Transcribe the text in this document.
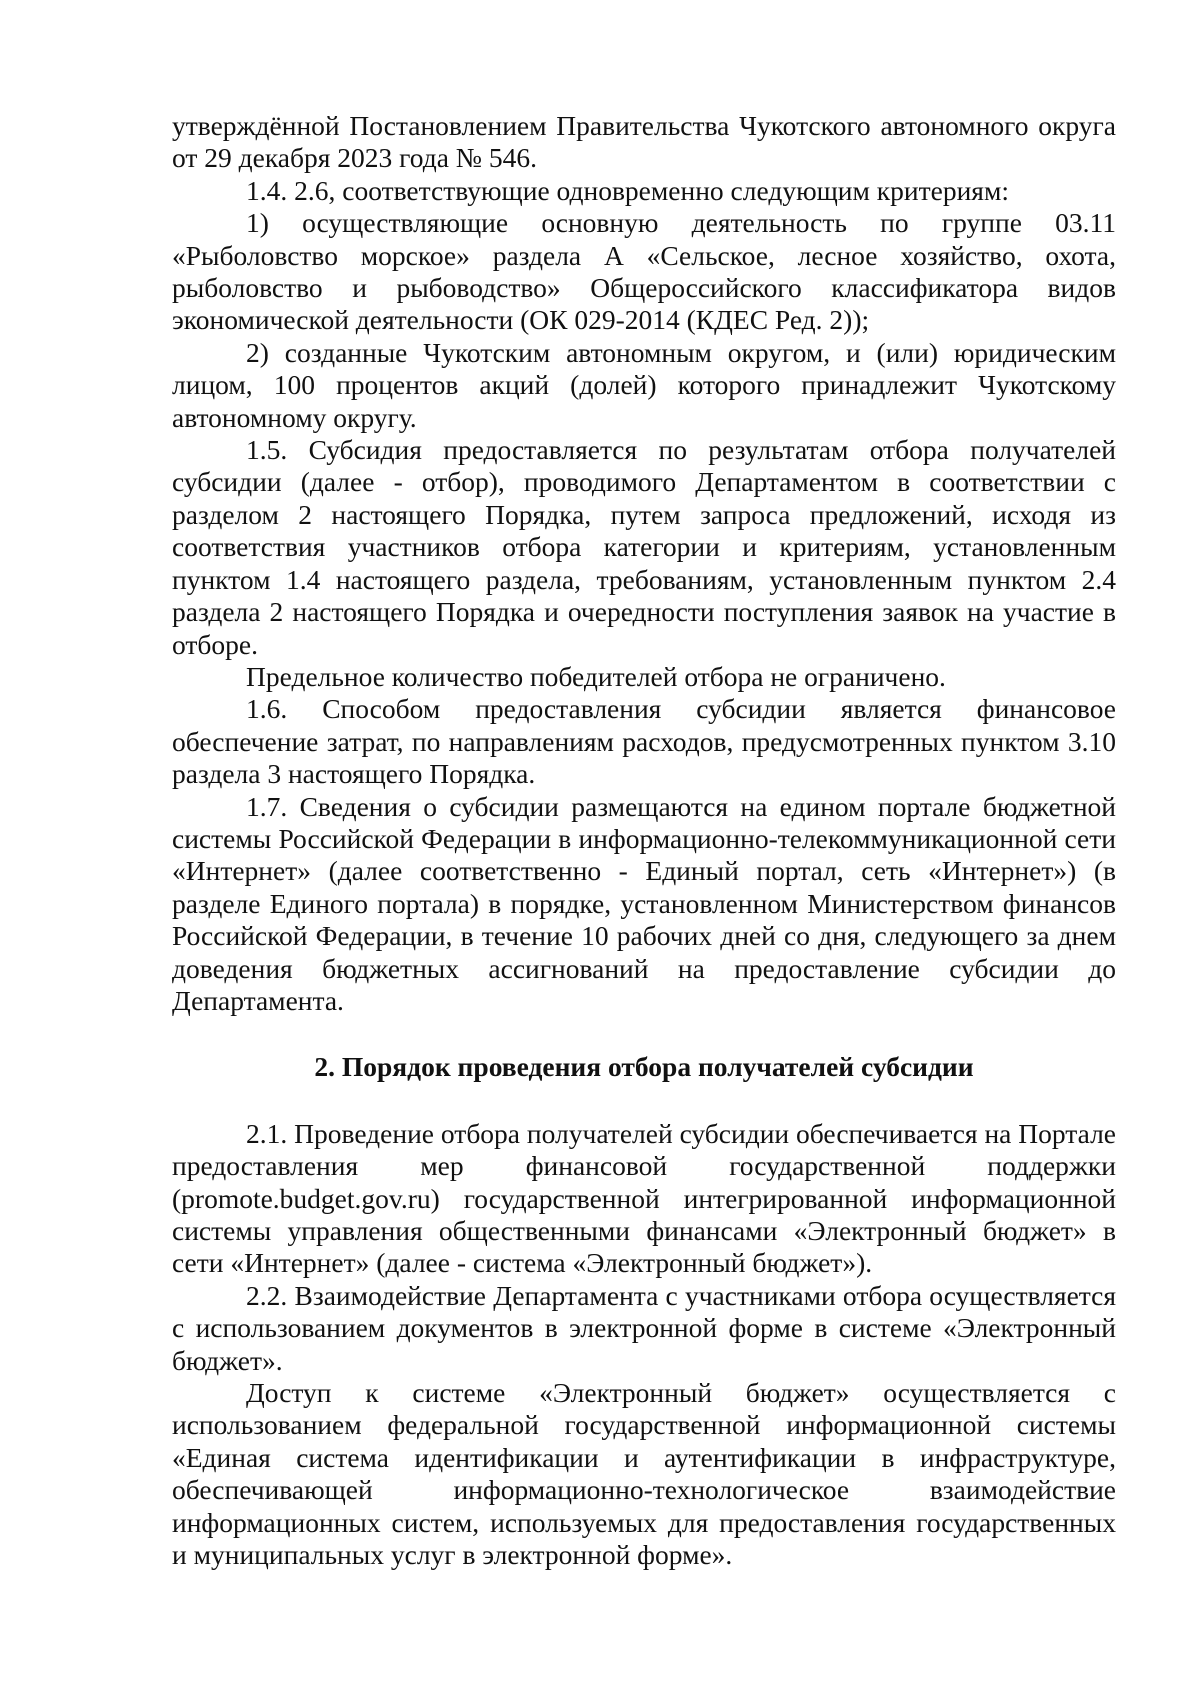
утверждённой Постановлением Правительства Чукотского автономного округа от 29 декабря 2023 года № 546.

1.4. 2.6, соответствующие одновременно следующим критериям:

1) осуществляющие основную деятельность по группе 03.11 «Рыболовство морское» раздела А «Сельское, лесное хозяйство, охота, рыболовство и рыбоводство» Общероссийского классификатора видов экономической деятельности (ОК 029-2014 (КДЕС Ред. 2));

2) созданные Чукотским автономным округом, и (или) юридическим лицом, 100 процентов акций (долей) которого принадлежит Чукотскому автономному округу.

1.5. Субсидия предоставляется по результатам отбора получателей субсидии (далее - отбор), проводимого Департаментом в соответствии с разделом 2 настоящего Порядка, путем запроса предложений, исходя из соответствия участников отбора категории и критериям, установленным пунктом 1.4 настоящего раздела, требованиям, установленным пунктом 2.4 раздела 2 настоящего Порядка и очередности поступления заявок на участие в отборе.

Предельное количество победителей отбора не ограничено.

1.6. Способом предоставления субсидии является финансовое обеспечение затрат, по направлениям расходов, предусмотренных пунктом 3.10 раздела 3 настоящего Порядка.

1.7. Сведения о субсидии размещаются на едином портале бюджетной системы Российской Федерации в информационно-телекоммуникационной сети «Интернет» (далее соответственно - Единый портал, сеть «Интернет») (в разделе Единого портала) в порядке, установленном Министерством финансов Российской Федерации, в течение 10 рабочих дней со дня, следующего за днем доведения бюджетных ассигнований на предоставление субсидии до Департамента.

2. Порядок проведения отбора получателей субсидии

2.1. Проведение отбора получателей субсидии обеспечивается на Портале предоставления мер финансовой государственной поддержки (promote.budget.gov.ru) государственной интегрированной информационной системы управления общественными финансами «Электронный бюджет» в сети «Интернет» (далее - система «Электронный бюджет»).

2.2. Взаимодействие Департамента с участниками отбора осуществляется с использованием документов в электронной форме в системе «Электронный бюджет».

Доступ к системе «Электронный бюджет» осуществляется с использованием федеральной государственной информационной системы «Единая система идентификации и аутентификации в инфраструктуре, обеспечивающей информационно-технологическое взаимодействие информационных систем, используемых для предоставления государственных и муниципальных услуг в электронной форме».
